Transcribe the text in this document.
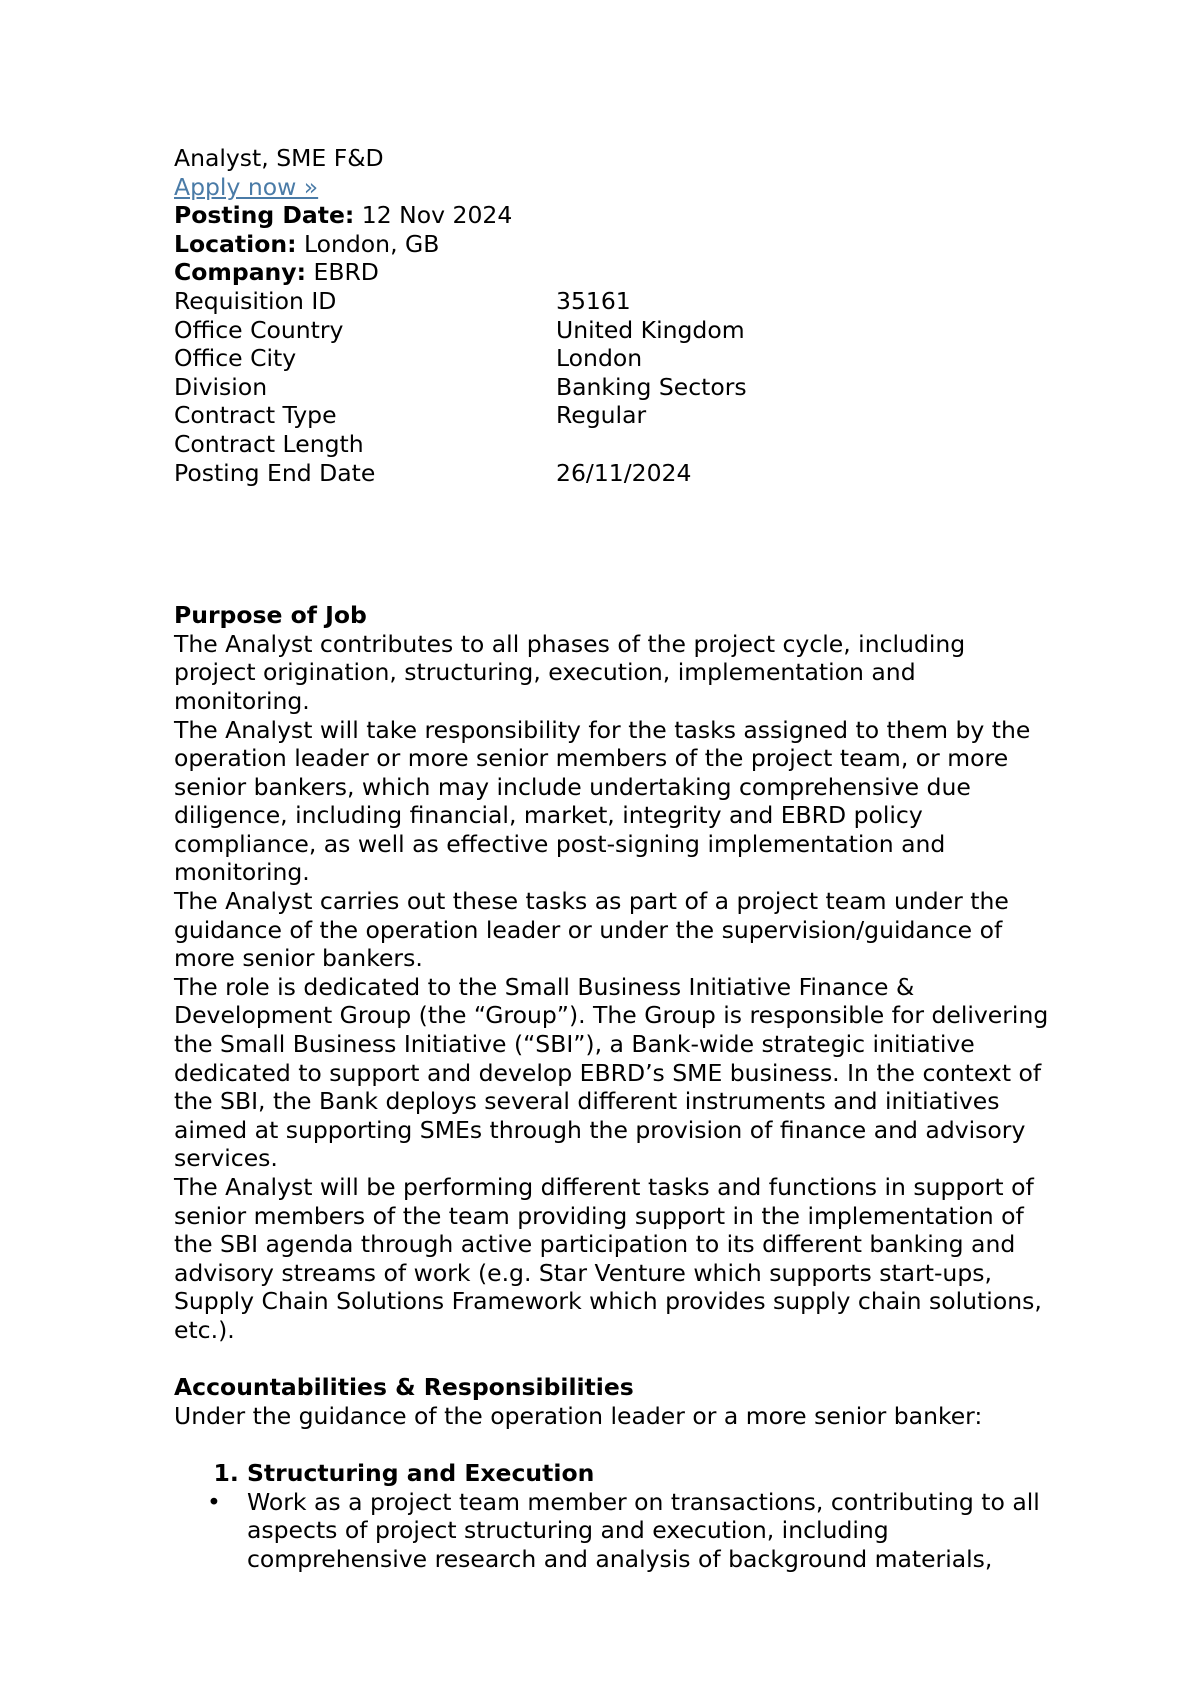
Analyst, SME F&D
Apply now »
Posting Date: 12 Nov 2024
Location: London, GB
Company: EBRD
Requisition ID	35161
Office Country	United Kingdom
Office City	London
Division	Banking Sectors
Contract Type	Regular
Contract Length	
Posting End Date	26/11/2024
Purpose of Job

The Analyst contributes to all phases of the project cycle, including project origination, structuring, execution, implementation and monitoring.

The Analyst will take responsibility for the tasks assigned to them by the operation leader or more senior members of the project team, or more senior bankers, which may include undertaking comprehensive due diligence, including financial, market, integrity and EBRD policy compliance, as well as effective post-signing implementation and monitoring.

The Analyst carries out these tasks as part of a project team under the guidance of the operation leader or under the supervision/guidance of more senior bankers.

The role is dedicated to the Small Business Initiative Finance & Development Group (the “Group”). The Group is responsible for delivering the Small Business Initiative (“SBI”), a Bank-wide strategic initiative dedicated to support and develop EBRD’s SME business. In the context of the SBI, the Bank deploys several different instruments and initiatives aimed at supporting SMEs through the provision of finance and advisory services.

The Analyst will be performing different tasks and functions in support of senior members of the team providing support in the implementation of the SBI agenda through active participation to its different banking and advisory streams of work (e.g. Star Venture which supports start-ups, Supply Chain Solutions Framework which provides supply chain solutions, etc.).

Accountabilities & Responsibilities

Under the guidance of the operation leader or a more senior banker:

1. Structuring and Execution
• Work as a project team member on transactions, contributing to all aspects of project structuring and execution, including comprehensive research and analysis of background materials,
